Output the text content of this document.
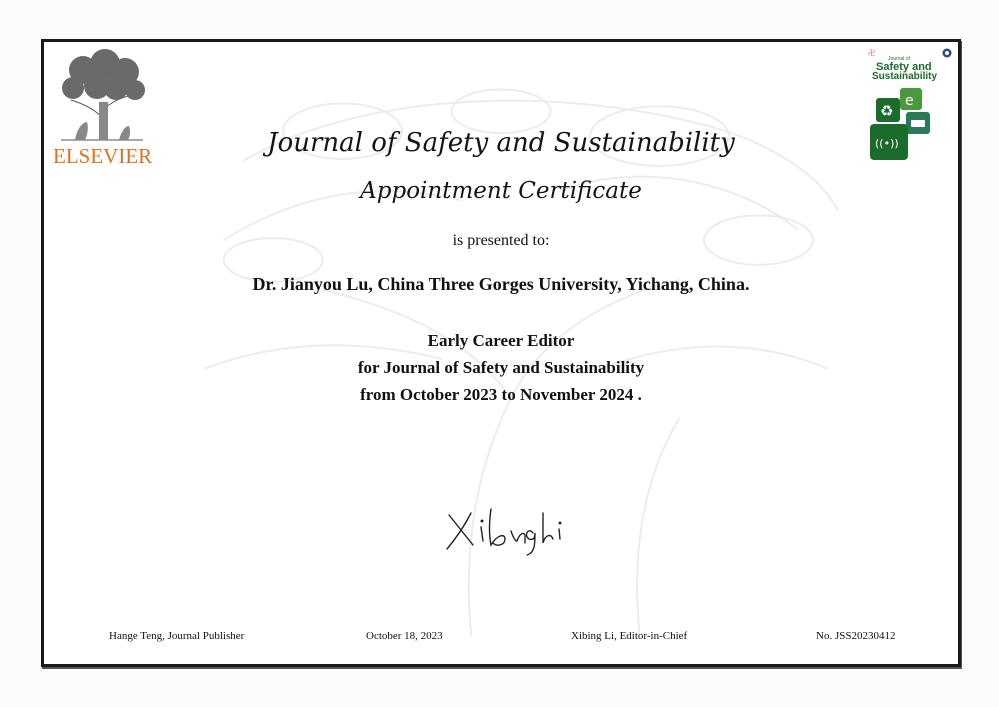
ELSEVIER
卍
Journal of
Safety and
Sustainability
e
♻
((•))
Journal of Safety and Sustainability
Appointment Certificate
is presented to:
Dr. Jianyou Lu, China Three Gorges University, Yichang, China.
Early Career Editor
for Journal of Safety and Sustainability
from October 2023 to November 2024 .
Hange Teng, Journal Publisher	October 18, 2023	Xibing Li, Editor-in-Chief	No. JSS20230412
